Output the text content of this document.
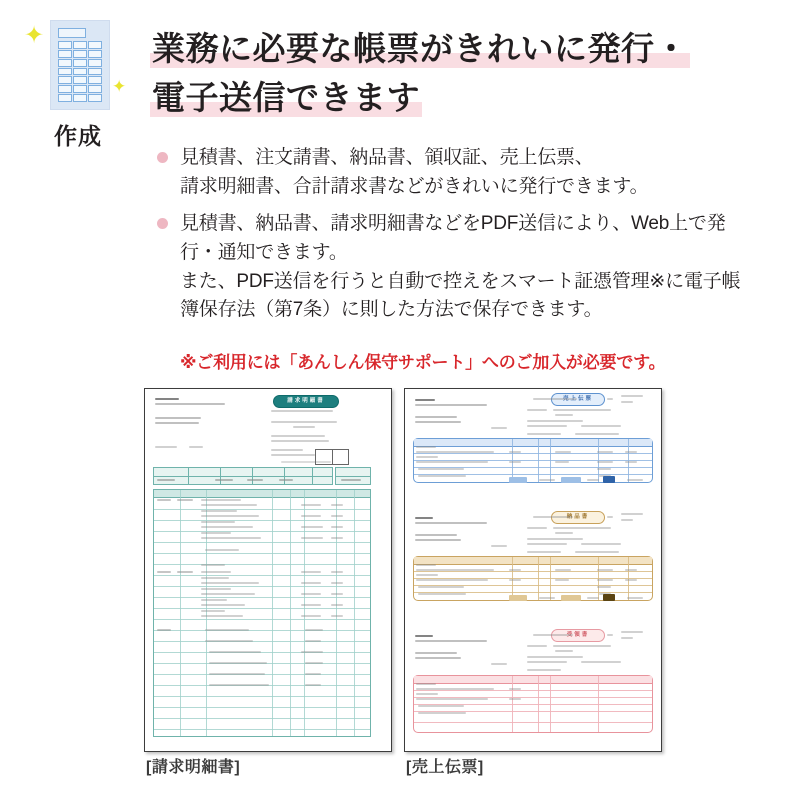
✦
✦
作成
業務に必要な帳票がきれいに発行・
電子送信できます

見積書、注文請書、納品書、領収証、売上伝票、

請求明細書、合計請求書などがきれいに発行できます。

見積書、納品書、請求明細書などをPDF送信により、Web上で発

行・通知できます。

また、PDF送信を行うと自動で控えをスマート証憑管理※に電子帳

簿保存法（第7条）に則した方法で保存できます。

※ご利用には「あんしん保守サポート」へのご加入が必要です。
請求明細書
[請求明細書]
売上伝票
納品書
受領書
[売上伝票]
